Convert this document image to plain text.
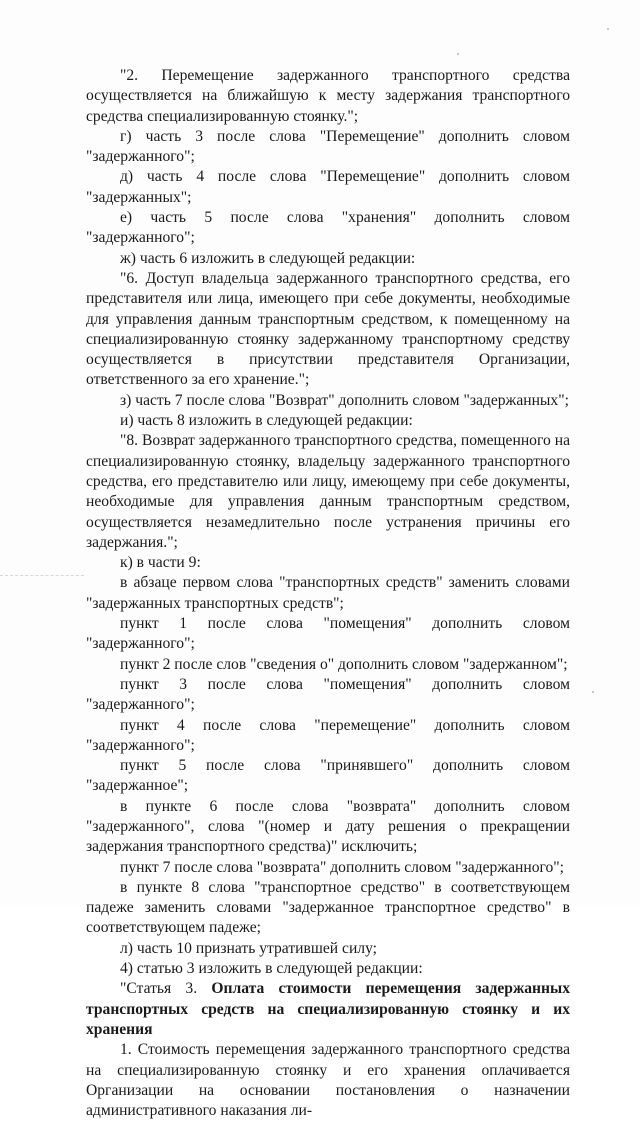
"2. Перемещение задержанного транспортного средства осуществляется на ближайшую к месту задержания транспортного средства специализированную стоянку.";

г) часть 3 после слова "Перемещение" дополнить словом "задержанного";

д) часть 4 после слова "Перемещение" дополнить словом "задержанных";

е) часть 5 после слова "хранения" дополнить словом "задержанного";

ж) часть 6 изложить в следующей редакции:

"6. Доступ владельца задержанного транспортного средства, его представителя или лица, имеющего при себе документы, необходимые для управления данным транспортным средством, к помещенному на специализированную стоянку задержанному транспортному средству осуществляется в присутствии представителя Организации, ответственного за его хранение.";

з) часть 7 после слова "Возврат" дополнить словом "задержанных";

и) часть 8 изложить в следующей редакции:

"8. Возврат задержанного транспортного средства, помещенного на специализированную стоянку, владельцу задержанного транспортного средства, его представителю или лицу, имеющему при себе документы, необходимые для управления данным транспортным средством, осуществляется незамедлительно после устранения причины его задержания.";

к) в части 9:

в абзаце первом слова "транспортных средств" заменить словами "задержанных транспортных средств";

пункт 1 после слова "помещения" дополнить словом "задержанного";

пункт 2 после слов "сведения о" дополнить словом "задержанном";

пункт 3 после слова "помещения" дополнить словом "задержанного";

пункт 4 после слова "перемещение" дополнить словом "задержанного";

пункт 5 после слова "принявшего" дополнить словом "задержанное";

в пункте 6 после слова "возврата" дополнить словом "задержанного", слова "(номер и дату решения о прекращении задержания транспортного средства)" исключить;

пункт 7 после слова "возврата" дополнить словом "задержанного";

в пункте 8 слова "транспортное средство" в соответствующем падеже заменить словами "задержанное транспортное средство" в соответствующем падеже;

л) часть 10 признать утратившей силу;

4) статью 3 изложить в следующей редакции:

"Статья 3. Оплата стоимости перемещения задержанных транспортных средств на специализированную стоянку и их хранения

1. Стоимость перемещения задержанного транспортного средства на специализированную стоянку и его хранения оплачивается Организации на основании постановления о назначении административного наказания ли-
